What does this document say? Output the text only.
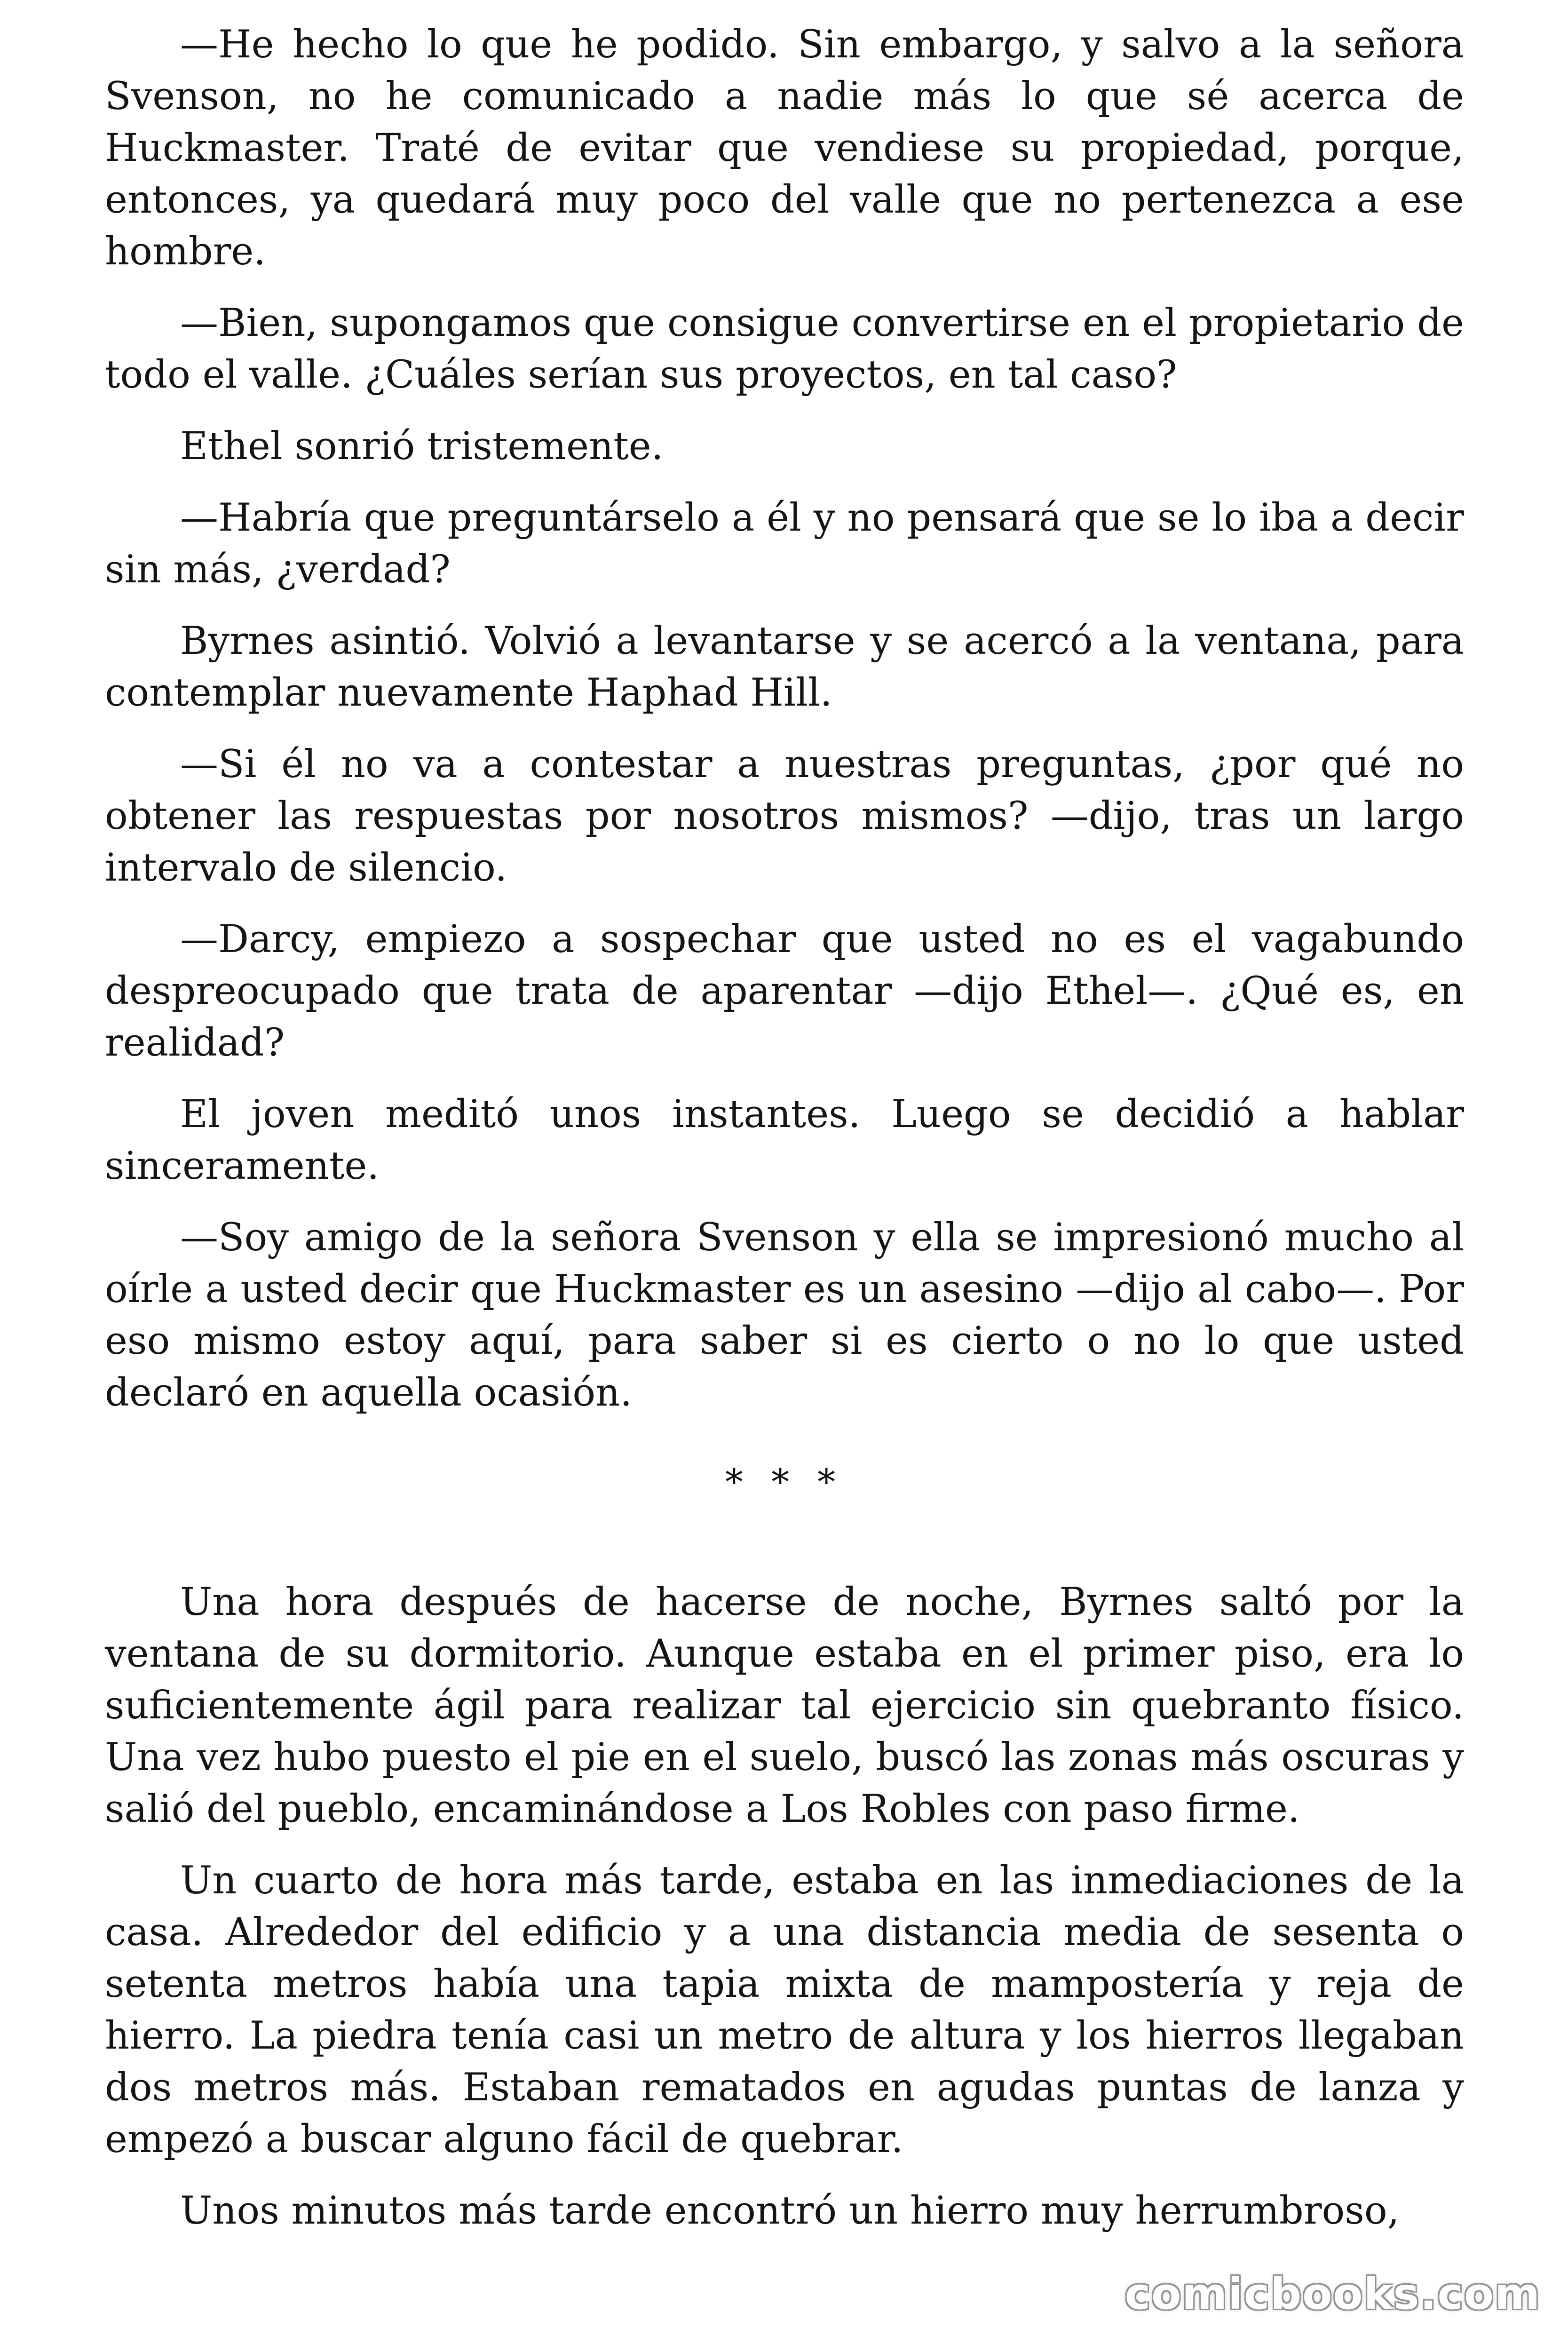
—He hecho lo que he podido. Sin embargo, y salvo a la señora Svenson, no he comunicado a nadie más lo que sé acerca de Huckmaster. Traté de evitar que vendiese su propiedad, porque, entonces, ya quedará muy poco del valle que no pertenezca a ese hombre.

—Bien, supongamos que consigue convertirse en el propietario de todo el valle. ¿Cuáles serían sus proyectos, en tal caso?

Ethel sonrió tristemente.

—Habría que preguntárselo a él y no pensará que se lo iba a decir sin más, ¿verdad?

Byrnes asintió. Volvió a levantarse y se acercó a la ventana, para contemplar nuevamente Haphad Hill.

—Si él no va a contestar a nuestras preguntas, ¿por qué no obtener las respuestas por nosotros mismos? —dijo, tras un largo intervalo de silencio.

—Darcy, empiezo a sospechar que usted no es el vagabundo despreocupado que trata de aparentar —dijo Ethel—. ¿Qué es, en realidad?

El joven meditó unos instantes. Luego se decidió a hablar sinceramente.

—Soy amigo de la señora Svenson y ella se impresionó mucho al oírle a usted decir que Huckmaster es un asesino —dijo al cabo—. Por eso mismo estoy aquí, para saber si es cierto o no lo que usted declaró en aquella ocasión.

* * *

Una hora después de hacerse de noche, Byrnes saltó por la ventana de su dormitorio. Aunque estaba en el primer piso, era lo suficientemente ágil para realizar tal ejercicio sin quebranto físico. Una vez hubo puesto el pie en el suelo, buscó las zonas más oscuras y salió del pueblo, encaminándose a Los Robles con paso firme.

Un cuarto de hora más tarde, estaba en las inmediaciones de la casa. Alrededor del edificio y a una distancia media de sesenta o setenta metros había una tapia mixta de mampostería y reja de hierro. La piedra tenía casi un metro de altura y los hierros llegaban dos metros más. Estaban rematados en agudas puntas de lanza y empezó a buscar alguno fácil de quebrar.

Unos minutos más tarde encontró un hierro muy herrumbroso,

comicbooks.com
